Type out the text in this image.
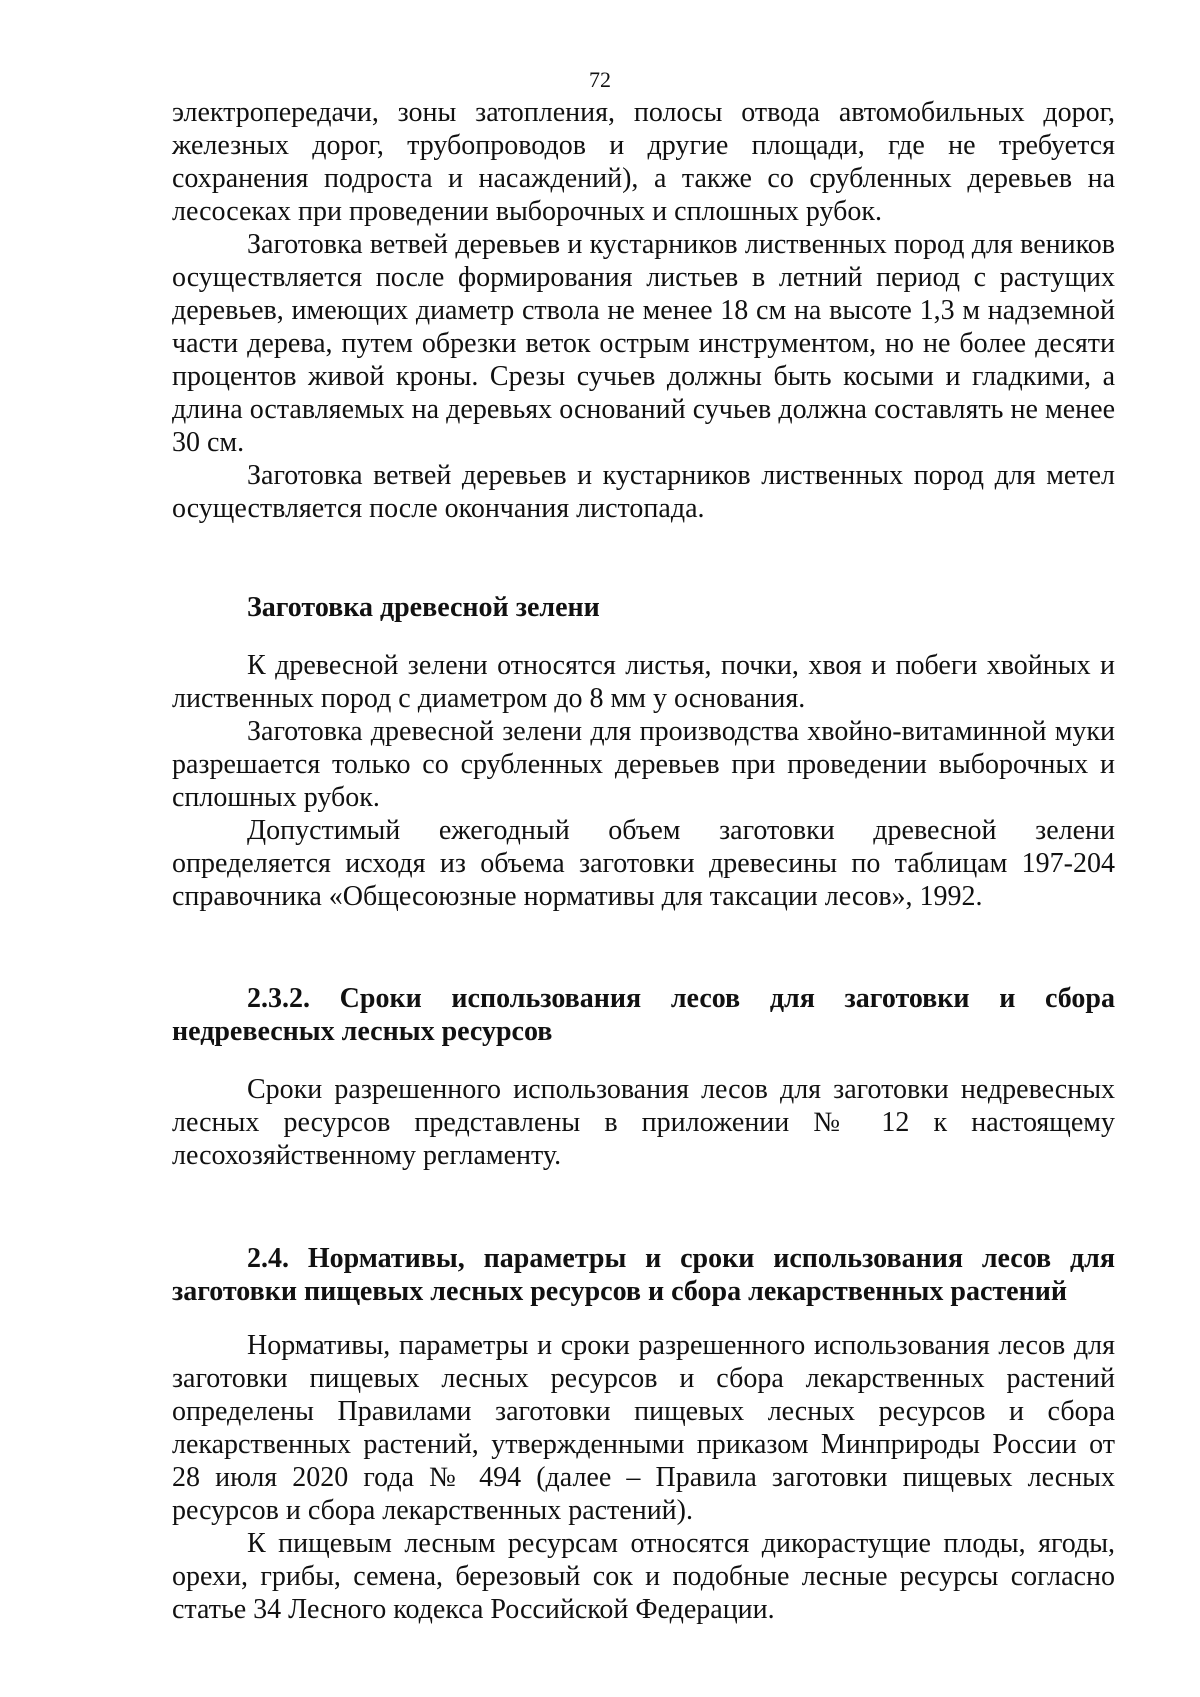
72

электропередачи, зоны затопления, полосы отвода автомобильных дорог, железных дорог, трубопроводов и другие площади, где не требуется сохранения подроста и насаждений), а также со срубленных деревьев на лесосеках при проведении выборочных и сплошных рубок.

Заготовка ветвей деревьев и кустарников лиственных пород для веников осуществляется после формирования листьев в летний период с растущих деревьев, имеющих диаметр ствола не менее 18 см на высоте 1,3 м надземной части дерева, путем обрезки веток острым инструментом, но не более десяти процентов живой кроны. Срезы сучьев должны быть косыми и гладкими, а длина оставляемых на деревьях оснований сучьев должна составлять не менее 30 см.

Заготовка ветвей деревьев и кустарников лиственных пород для метел осуществляется после окончания листопада.

Заготовка древесной зелени

К древесной зелени относятся листья, почки, хвоя и побеги хвойных и лиственных пород с диаметром до 8 мм у основания.

Заготовка древесной зелени для производства хвойно-витаминной муки разрешается только со срубленных деревьев при проведении выборочных и сплошных рубок.

Допустимый ежегодный объем заготовки древесной зелени определяется исходя из объема заготовки древесины по таблицам 197-204 справочника «Общесоюзные нормативы для таксации лесов», 1992.

2.3.2. Сроки использования лесов для заготовки и сбора недревесных лесных ресурсов

Сроки разрешенного использования лесов для заготовки недревесных лесных ресурсов представлены в приложении № 12 к настоящему лесохозяйственному регламенту.

2.4. Нормативы, параметры и сроки использования лесов для заготовки пищевых лесных ресурсов и сбора лекарственных растений

Нормативы, параметры и сроки разрешенного использования лесов для заготовки пищевых лесных ресурсов и сбора лекарственных растений определены Правилами заготовки пищевых лесных ресурсов и сбора лекарственных растений, утвержденными приказом Минприроды России от 28 июля 2020 года № 494 (далее – Правила заготовки пищевых лесных ресурсов и сбора лекарственных растений).

К пищевым лесным ресурсам относятся дикорастущие плоды, ягоды, орехи, грибы, семена, березовый сок и подобные лесные ресурсы согласно статье 34 Лесного кодекса Российской Федерации.
